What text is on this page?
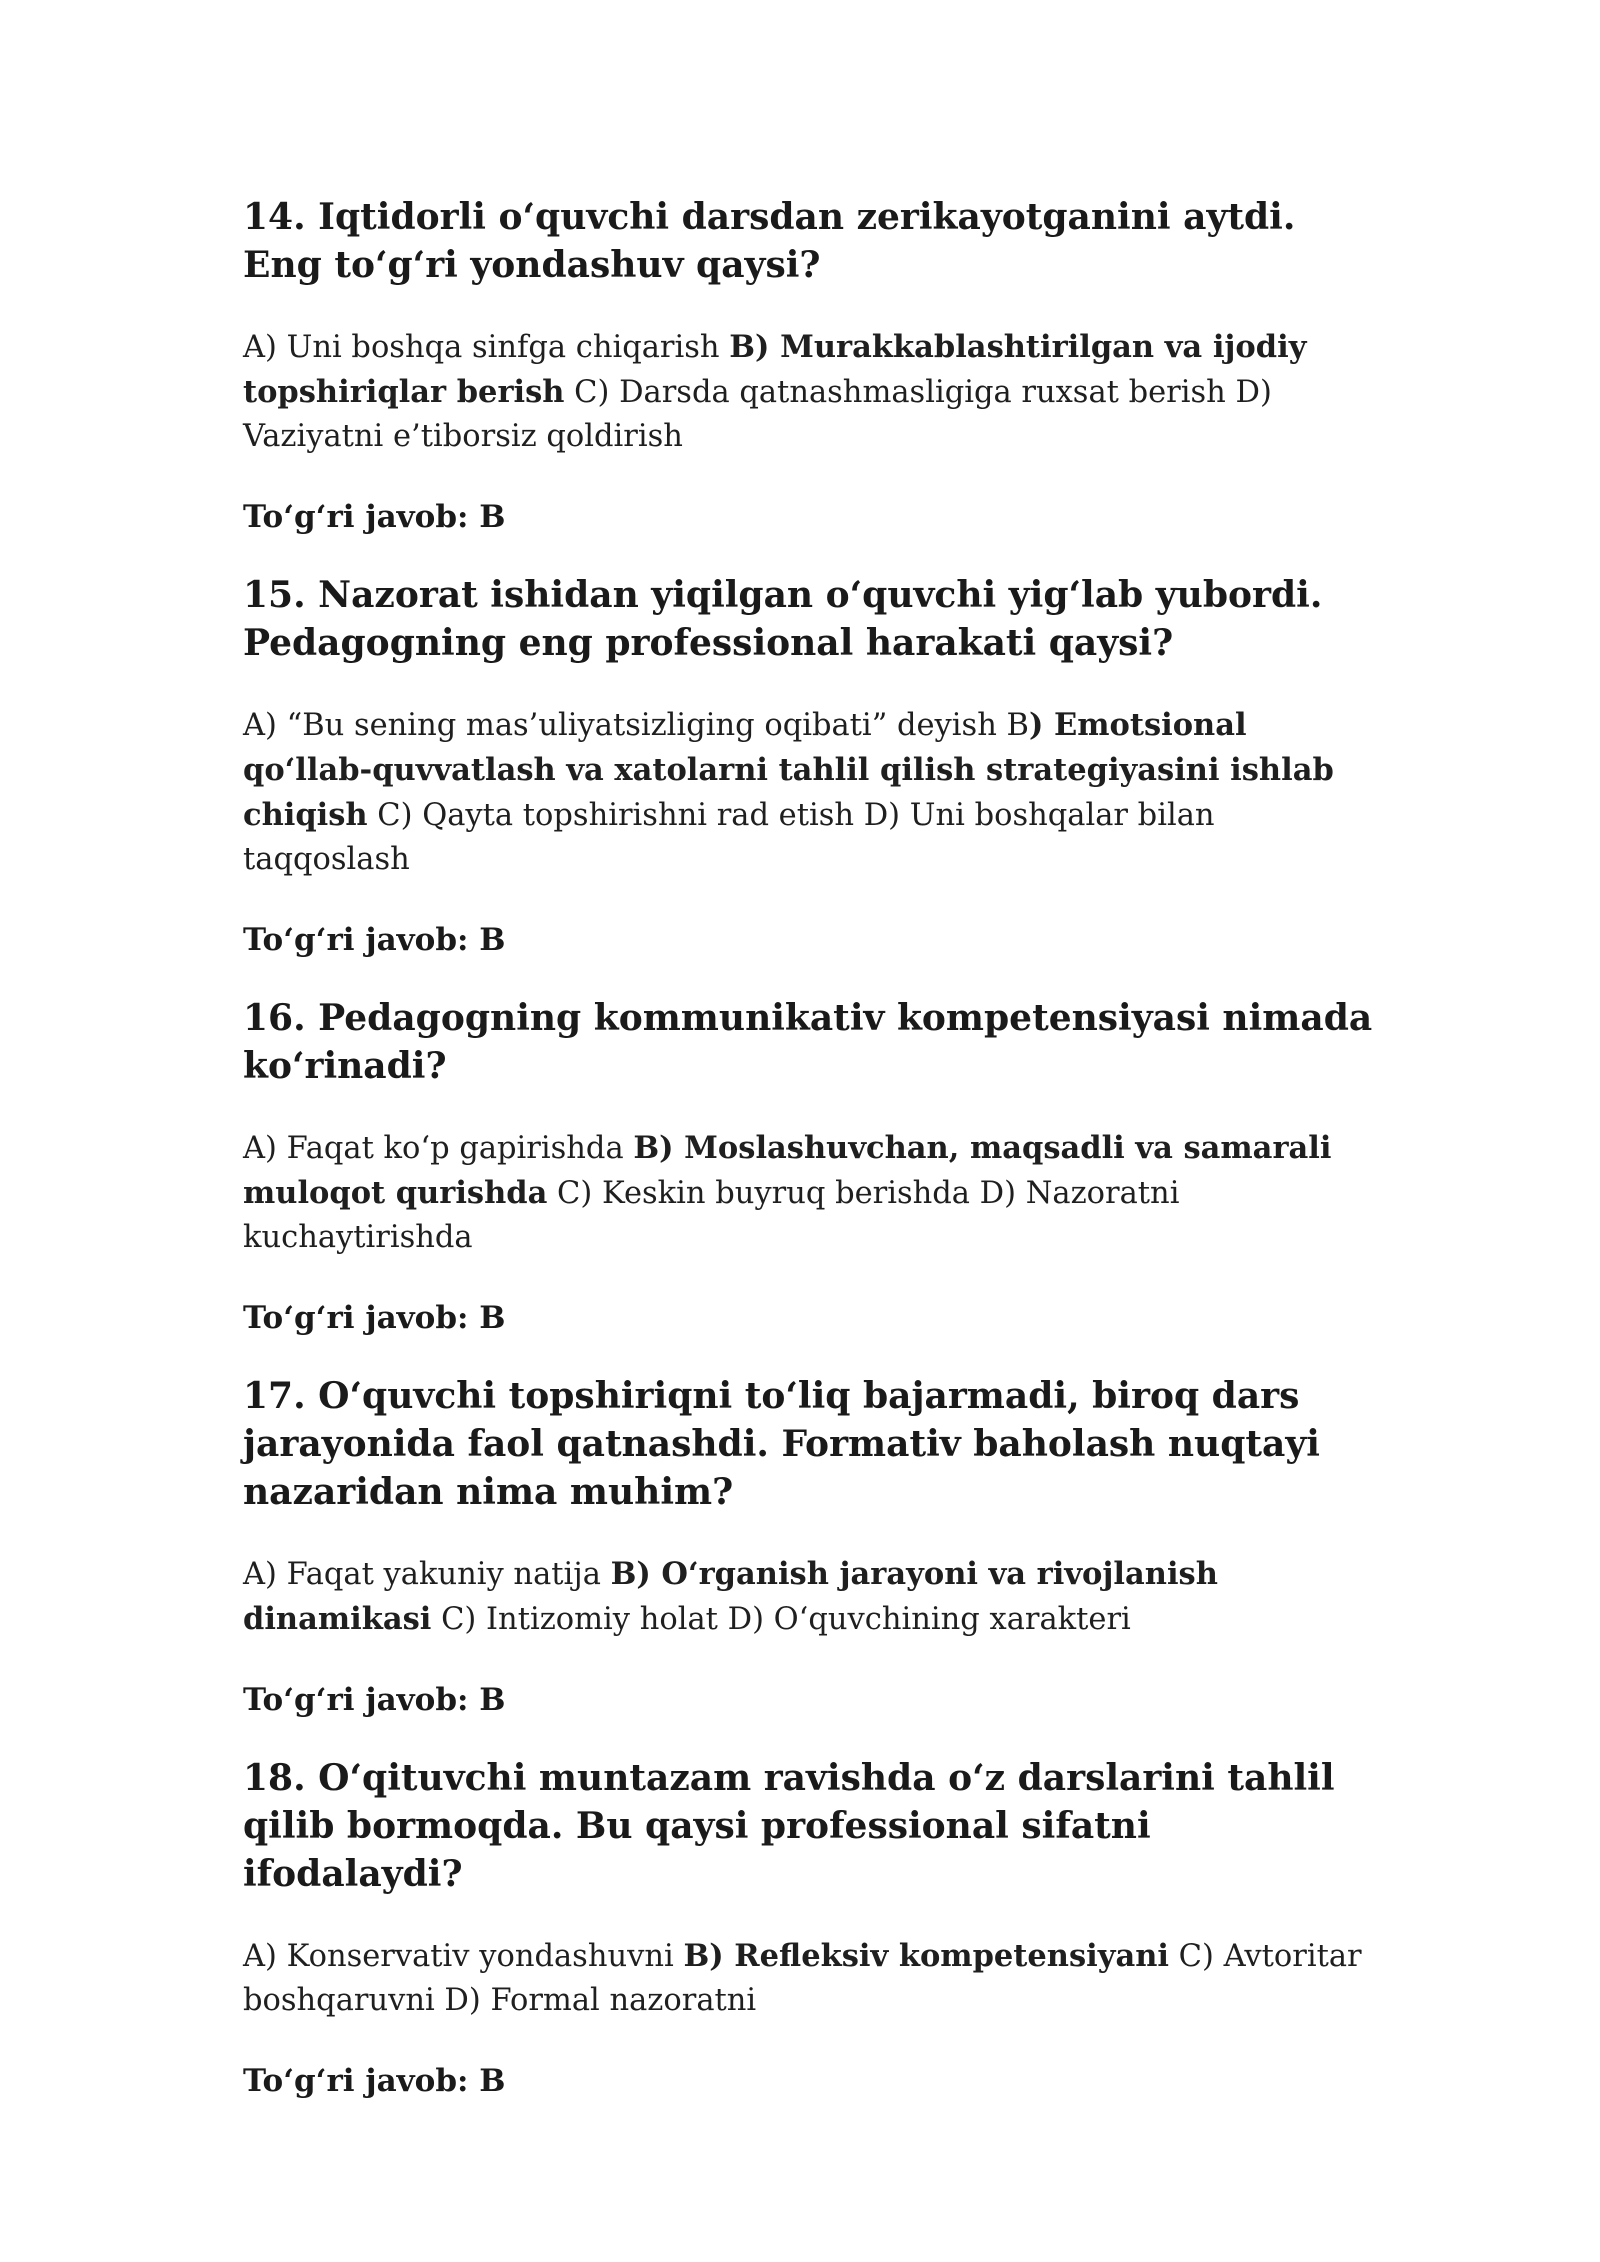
14. Iqtidorli o‘quvchi darsdan zerikayotganini aytdi. Eng to‘g‘ri yondashuv qaysi?

A) Uni boshqa sinfga chiqarish B) Murakkablashtirilgan va ijodiy topshiriqlar berish C) Darsda qatnashmasligiga ruxsat berish D) Vaziyatni e’tiborsiz qoldirish

To‘g‘ri javob: B

15. Nazorat ishidan yiqilgan o‘quvchi yig‘lab yubordi. Pedagogning eng professional harakati qaysi?

A) “Bu sening mas’uliyatsizliging oqibati” deyish B) Emotsional qo‘llab-quvvatlash va xatolarni tahlil qilish strategiyasini ishlab chiqish C) Qayta topshirishni rad etish D) Uni boshqalar bilan taqqoslash

To‘g‘ri javob: B

16. Pedagogning kommunikativ kompetensiyasi nimada ko‘rinadi?

A) Faqat ko‘p gapirishda B) Moslashuvchan, maqsadli va samarali muloqot qurishda C) Keskin buyruq berishda D) Nazoratni kuchaytirishda

To‘g‘ri javob: B

17. O‘quvchi topshiriqni to‘liq bajarmadi, biroq dars jarayonida faol qatnashdi. Formativ baholash nuqtayi nazaridan nima muhim?

A) Faqat yakuniy natija B) O‘rganish jarayoni va rivojlanish dinamikasi C) Intizomiy holat D) O‘quvchining xarakteri

To‘g‘ri javob: B

18. O‘qituvchi muntazam ravishda o‘z darslarini tahlil qilib bormoqda. Bu qaysi professional sifatni ifodalaydi?

A) Konservativ yondashuvni B) Refleksiv kompetensiyani C) Avtoritar boshqaruvni D) Formal nazoratni

To‘g‘ri javob: B
